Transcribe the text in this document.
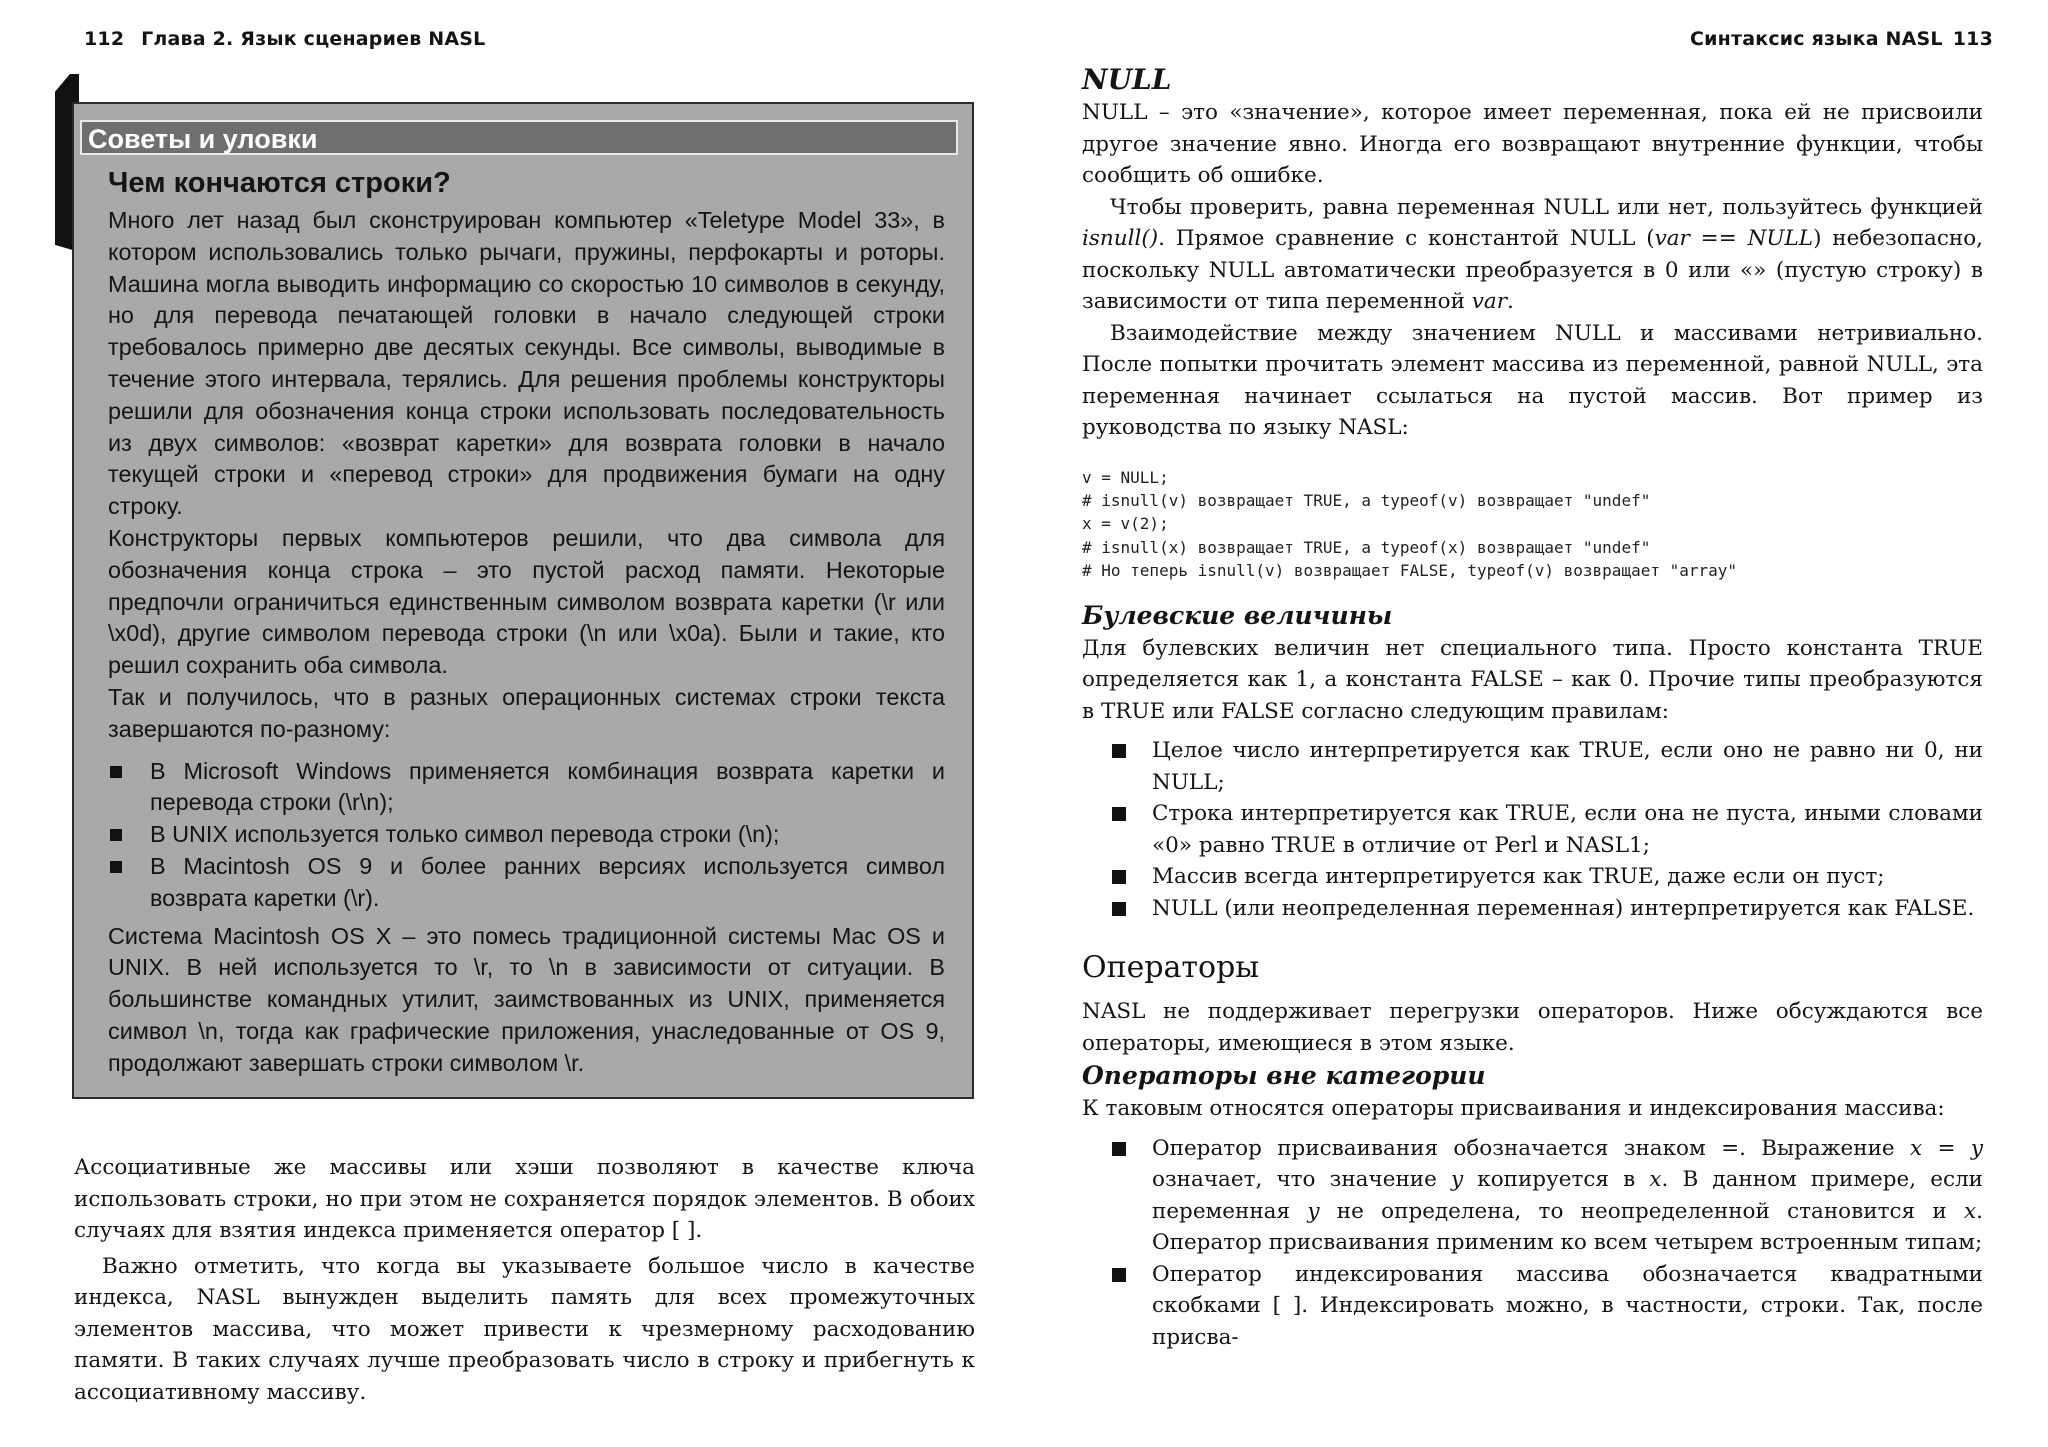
112 Глава 2. Язык сценариев NASL
Советы и уловки
Чем кончаются строки?

Много лет назад был сконструирован компьютер «Teletype Model 33», в котором использовались только рычаги, пружины, перфокарты и роторы. Машина могла выводить информацию со скоростью 10 символов в секунду, но для перевода печатающей головки в начало следующей строки требовалось примерно две десятых секунды. Все символы, выводимые в течение этого интервала, терялись. Для решения проблемы конструкторы решили для обозначения конца строки использовать последовательность из двух символов: «возврат каретки» для возврата головки в начало текущей строки и «перевод строки» для продвижения бумаги на одну строку.

Конструкторы первых компьютеров решили, что два символа для обозначения конца строка – это пустой расход памяти. Некоторые предпочли ограничиться единственным символом возврата каретки (\r или \x0d), другие символом перевода строки (\n или \x0a). Были и такие, кто решил сохранить оба символа.

Так и получилось, что в разных операционных системах строки текста завершаются по-разному:

В Microsoft Windows применяется комбинация возврата каретки и перевода строки (\r\n);
В UNIX используется только символ перевода строки (\n);
В Macintosh OS 9 и более ранних версиях используется символ возврата каретки (\r).

Система Macintosh OS X – это помесь традиционной системы Mac OS и UNIX. В ней используется то \r, то \n в зависимости от ситуации. В большинстве командных утилит, заимствованных из UNIX, применяется символ \n, тогда как графические приложения, унаследованные от OS 9, продолжают завершать строки символом \r.

Ассоциативные же массивы или хэши позволяют в качестве ключа использовать строки, но при этом не сохраняется порядок элементов. В обоих случаях для взятия индекса применяется оператор [ ].

Важно отметить, что когда вы указываете большое число в качестве индекса, NASL вынужден выделить память для всех промежуточных элементов массива, что может привести к чрезмерному расходованию памяти. В таких случаях лучше преобразовать число в строку и прибегнуть к ассоциативному массиву.

Синтаксис языка NASL 113
NULL

NULL – это «значение», которое имеет переменная, пока ей не присвоили другое значение явно. Иногда его возвращают внутренние функции, чтобы сообщить об ошибке.

Чтобы проверить, равна переменная NULL или нет, пользуйтесь функцией isnull(). Прямое сравнение с константой NULL (var == NULL) небезопасно, поскольку NULL автоматически преобразуется в 0 или «» (пустую строку) в зависимости от типа переменной var.

Взаимодействие между значением NULL и массивами нетривиально. После попытки прочитать элемент массива из переменной, равной NULL, эта переменная начинает ссылаться на пустой массив. Вот пример из руководства по языку NASL:

v = NULL;
# isnull(v) возвращает TRUE, а typeof(v) возвращает "undef"
x = v(2);
# isnull(x) возвращает TRUE, а typeof(x) возвращает "undef"
# Но теперь isnull(v) возвращает FALSE, typeof(v) возвращает "array"
Булевские величины

Для булевских величин нет специального типа. Просто константа TRUE определяется как 1, а константа FALSE – как 0. Прочие типы преобразуются в TRUE или FALSE согласно следующим правилам:

Целое число интерпретируется как TRUE, если оно не равно ни 0, ни NULL;
Строка интерпретируется как TRUE, если она не пуста, иными словами «0» равно TRUE в отличие от Perl и NASL1;
Массив всегда интерпретируется как TRUE, даже если он пуст;
NULL (или неопределенная переменная) интерпретируется как FALSE.
Операторы

NASL не поддерживает перегрузки операторов. Ниже обсуждаются все операторы, имеющиеся в этом языке.

Операторы вне категории

К таковым относятся операторы присваивания и индексирования массива:

Оператор присваивания обозначается знаком =. Выражение x = y означает, что значение y копируется в x. В данном примере, если переменная y не определена, то неопределенной становится и x. Оператор присваивания применим ко всем четырем встроенным типам;
Оператор индексирования массива обозначается квадратными скобками [ ]. Индексировать можно, в частности, строки. Так, после присва-
